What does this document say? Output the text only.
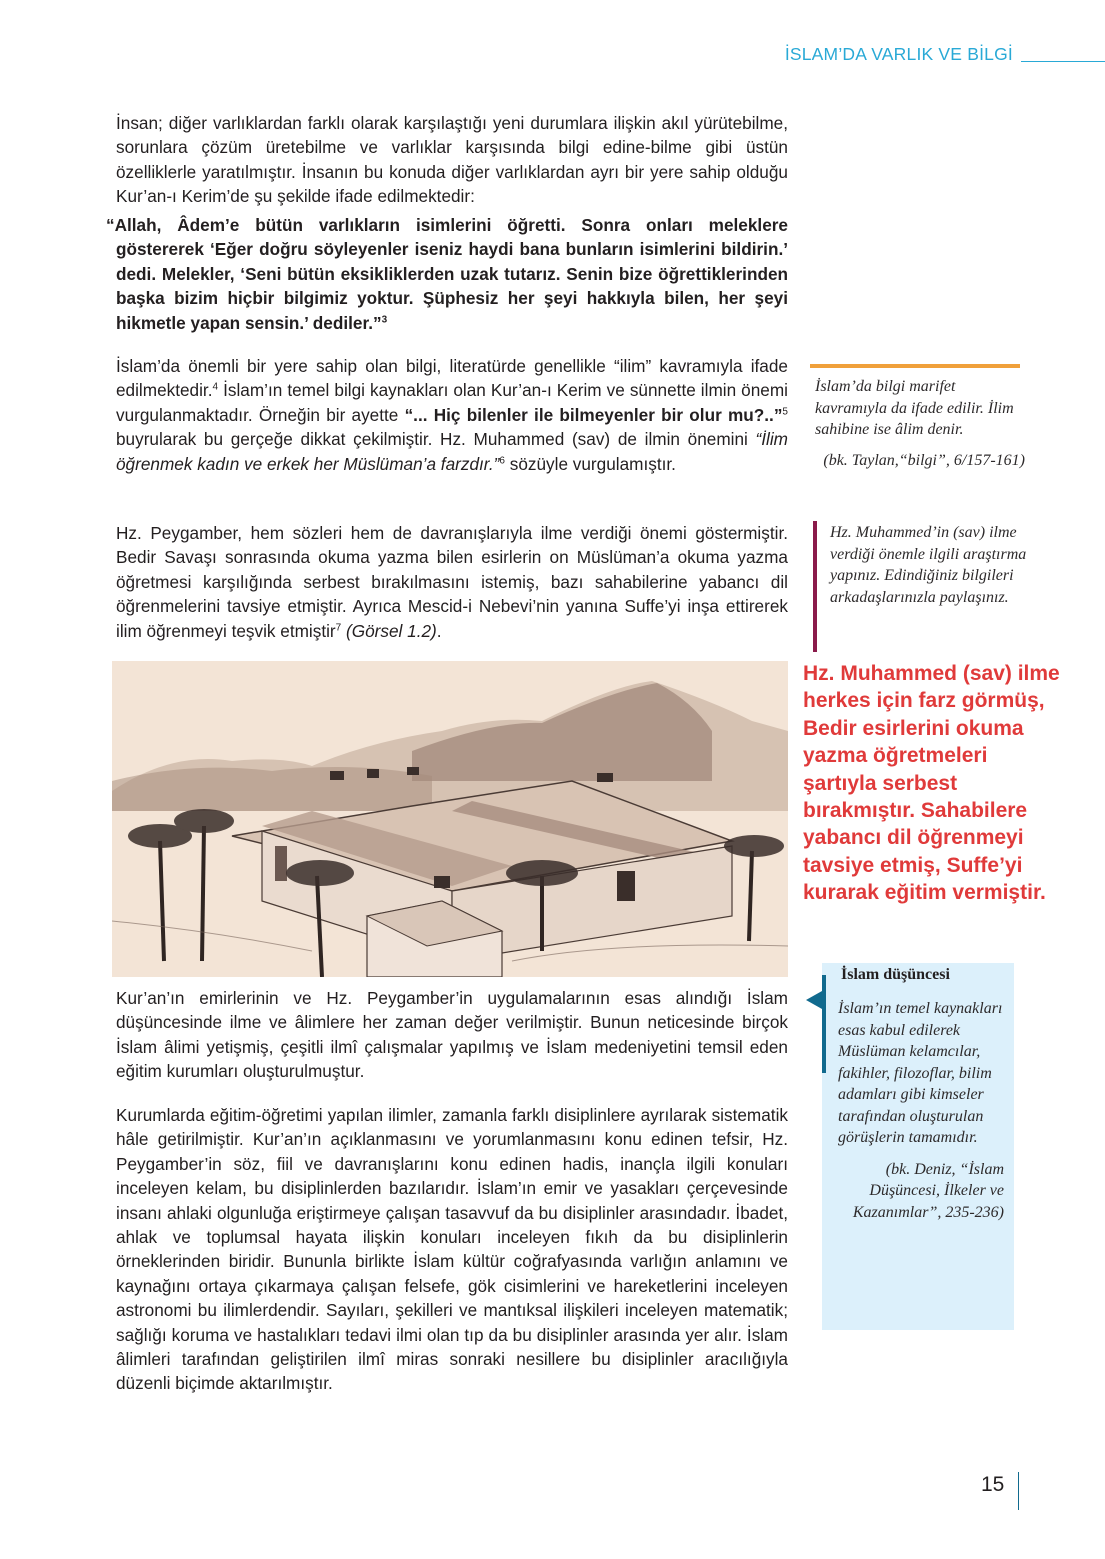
İSLAM’DA VARLIK VE BİLGİ

İnsan; diğer varlıklardan farklı olarak karşılaştığı yeni durumlara ilişkin akıl yürütebilme, sorunlara çözüm üretebilme ve varlıklar karşısında bilgi edine-bilme gibi üstün özelliklerle yaratılmıştır. İnsanın bu konuda diğer varlıklardan ayrı bir yere sahip olduğu Kur’an-ı Kerim’de şu şekilde ifade edilmektedir:

“Allah, Âdem’e bütün varlıkların isimlerini öğretti. Sonra onları meleklere göstererek ‘Eğer doğru söyleyenler iseniz haydi bana bunların isimlerini bildirin.’ dedi. Melekler, ‘Seni bütün eksikliklerden uzak tutarız. Senin bize öğrettiklerinden başka bizim hiçbir bilgimiz yoktur. Şüphesiz her şeyi hakkıyla bilen, her şeyi hikmetle yapan sensin.’ dediler.”$^3$

İslam’da önemli bir yere sahip olan bilgi, literatürde genellikle “ilim” kavramıyla ifade edilmektedir.$^4$ İslam’ın temel bilgi kaynakları olan Kur’an-ı Kerim ve sünnette ilmin önemi vurgulanmaktadır. Örneğin bir ayette “... Hiç bilenler ile bilmeyenler bir olur mu?..”$^5$ buyrularak bu gerçeğe dikkat çekilmiştir. Hz. Muhammed (sav) de ilmin önemini “İlim öğrenmek kadın ve erkek her Müslüman’a farzdır.”$^6$ sözüyle vurgulamıştır.

Hz. Peygamber, hem sözleri hem de davranışlarıyla ilme verdiği önemi göstermiştir. Bedir Savaşı sonrasında okuma yazma bilen esirlerin on Müslüman’a okuma yazma öğretmesi karşılığında serbest bırakılmasını istemiş, bazı sahabilerine yabancı dil öğrenmelerini tavsiye etmiştir. Ayrıca Mescid-i Nebevi’nin yanına Suffe’yi inşa ettirerek ilim öğrenmeyi teşvik etmiştir$^7$ (Görsel 1.2).

Kur’an’ın emirlerinin ve Hz. Peygamber’in uygulamalarının esas alındığı İslam düşüncesinde ilme ve âlimlere her zaman değer verilmiştir. Bunun neticesinde birçok İslam âlimi yetişmiş, çeşitli ilmî çalışmalar yapılmış ve İslam medeniyetini temsil eden eğitim kurumları oluşturulmuştur.

Kurumlarda eğitim-öğretimi yapılan ilimler, zamanla farklı disiplinlere ayrılarak sistematik hâle getirilmiştir. Kur’an’ın açıklanmasını ve yorumlanmasını konu edinen tefsir, Hz. Peygamber’in söz, fiil ve davranışlarını konu edinen hadis, inançla ilgili konuları inceleyen kelam, bu disiplinlerden bazılarıdır. İslam’ın emir ve yasakları çerçevesinde insanı ahlaki olgunluğa eriştirmeye çalışan tasavvuf da bu disiplinler arasındadır. İbadet, ahlak ve toplumsal hayata ilişkin konuları inceleyen fıkıh da bu disiplinlerin örneklerinden biridir. Bununla birlikte İslam kültür coğrafyasında varlığın anlamını ve kaynağını ortaya çıkarmaya çalışan felsefe, gök cisimlerini ve hareketlerini inceleyen astronomi bu ilimlerdendir. Sayıları, şekilleri ve mantıksal ilişkileri inceleyen matematik; sağlığı koruma ve hastalıkları tedavi ilmi olan tıp da bu disiplinler arasında yer alır. İslam âlimleri tarafından geliştirilen ilmî miras sonraki nesillere bu disiplinler aracılığıyla düzenli biçimde aktarılmıştır.

İslam’da bilgi marifet kavramıyla da ifade edilir. İlim sahibine ise âlim denir.
(bk. Taylan,“bilgi”, 6/157-161)
Hz. Muhammed’in (sav) ilme verdiği önemle ilgili araştırma yapınız. Edindiğiniz bilgileri arkadaşlarınızla paylaşınız.
Hz. Muhammed (sav) ilme
herkes için farz görmüş,
Bedir esirlerini okuma
yazma öğretmeleri
şartıyla serbest
bırakmıştır. Sahabilere
yabancı dil öğrenmeyi
tavsiye etmiş, Suffe’yi
kurarak eğitim vermiştir.
İslam düşüncesi
İslam’ın temel kaynakları esas kabul edilerek Müslüman kelamcılar, fakihler, filozoflar, bilim adamları gibi kimseler tarafından oluşturulan görüşlerin tamamıdır.
(bk. Deniz, “İslam Düşüncesi, İlkeler ve Kazanımlar”, 235-236)
15
